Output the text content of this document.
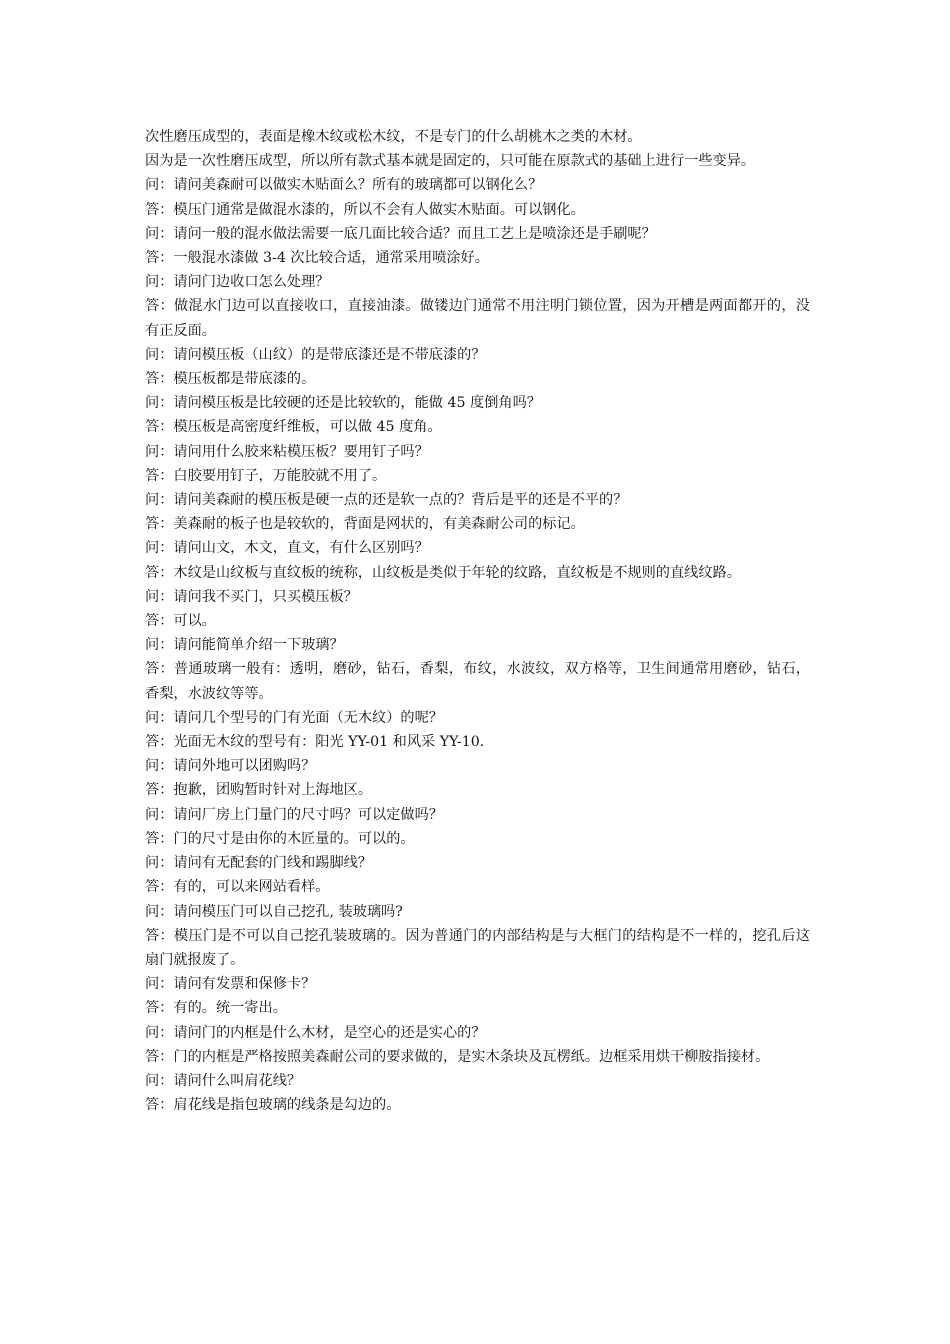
次性磨压成型的，表面是橡木纹或松木纹，不是专门的什么胡桃木之类的木材。

因为是一次性磨压成型，所以所有款式基本就是固定的，只可能在原款式的基础上进行一些变异。

问：请问美森耐可以做实木贴面么？所有的玻璃都可以钢化么？

答：模压门通常是做混水漆的，所以不会有人做实木贴面。可以钢化。

问：请问一般的混水做法需要一底几面比较合适？而且工艺上是喷涂还是手刷呢？

答：一般混水漆做 3-4 次比较合适，通常采用喷涂好。

问：请问门边收口怎么处理？

答：做混水门边可以直接收口，直接油漆。做镂边门通常不用注明门锁位置，因为开槽是两面都开的，没有正反面。

问：请问模压板（山纹）的是带底漆还是不带底漆的？

答：模压板都是带底漆的。

问：请问模压板是比较硬的还是比较软的，能做 45 度倒角吗？

答：模压板是高密度纤维板，可以做 45 度角。

问：请问用什么胶来粘模压板？要用钉子吗？

答：白胶要用钉子，万能胶就不用了。

问：请问美森耐的模压板是硬一点的还是软一点的？背后是平的还是不平的？

答：美森耐的板子也是较软的，背面是网状的，有美森耐公司的标记。

问：请问山文，木文，直文，有什么区别吗？

答：木纹是山纹板与直纹板的统称，山纹板是类似于年轮的纹路，直纹板是不规则的直线纹路。

问：请问我不买门，只买模压板？

答：可以。

问：请问能简单介绍一下玻璃？

答：普通玻璃一般有：透明，磨砂，钻石，香梨，布纹，水波纹，双方格等，卫生间通常用磨砂，钻石，香梨，水波纹等等。

问：请问几个型号的门有光面（无木纹）的呢？

答：光面无木纹的型号有：阳光 YY-01 和风采 YY-10.

问：请问外地可以团购吗？

答：抱歉，团购暂时针对上海地区。

问：请问厂房上门量门的尺寸吗？可以定做吗？

答：门的尺寸是由你的木匠量的。可以的。

问：请问有无配套的门线和踢脚线？

答：有的，可以来网站看样。

问：请问模压门可以自己挖孔, 装玻璃吗?

答：模压门是不可以自己挖孔装玻璃的。因为普通门的内部结构是与大框门的结构是不一样的，挖孔后这扇门就报废了。

问：请问有发票和保修卡？

答：有的。统一寄出。

问：请问门的内框是什么木材，是空心的还是实心的？

答：门的内框是严格按照美森耐公司的要求做的，是实木条块及瓦楞纸。边框采用烘干柳胺指接材。

问：请问什么叫肩花线？

答：肩花线是指包玻璃的线条是勾边的。
